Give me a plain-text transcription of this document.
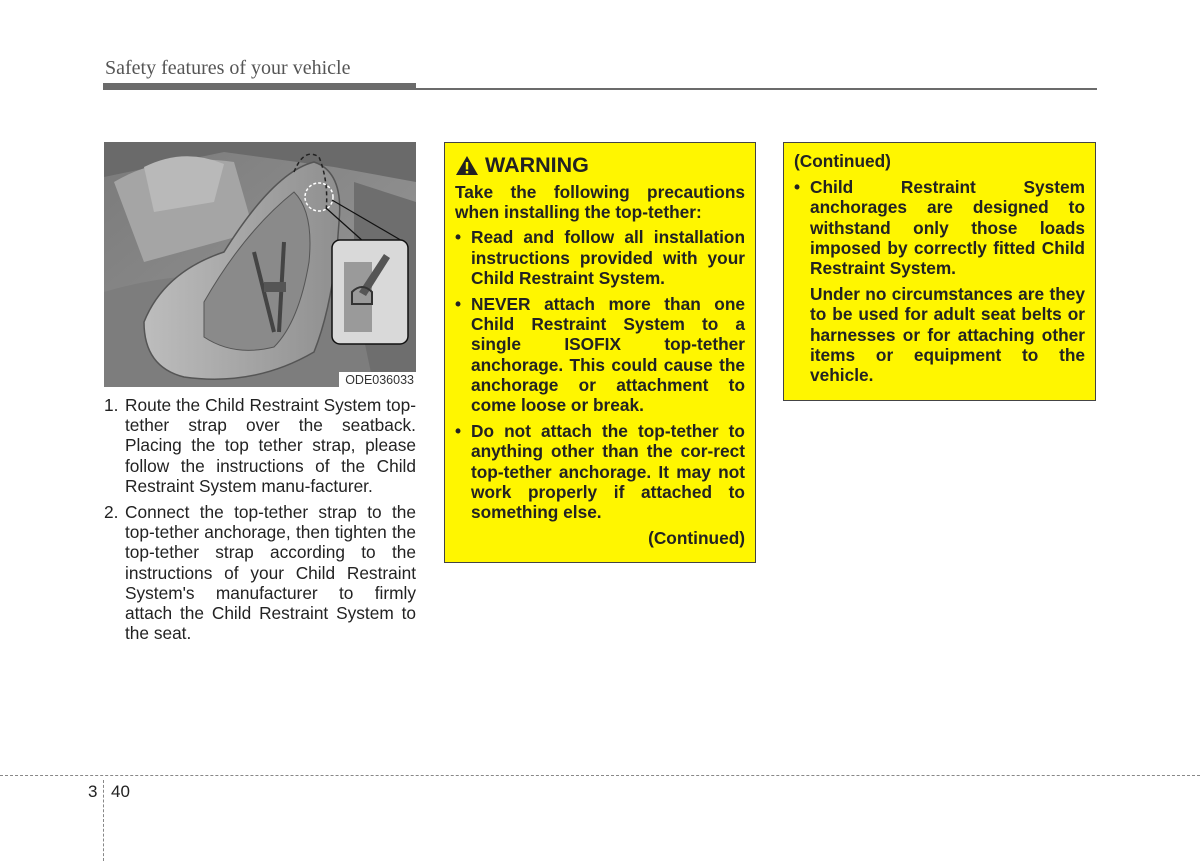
Safety features of your vehicle
ODE036033
1. Route the Child Restraint System top-tether strap over the seatback. Placing the top tether strap, please follow the instructions of the Child Restraint System manu-facturer.
2. Connect the top-tether strap to the top-tether anchorage, then tighten the top-tether strap according to the instructions of your Child Restraint System's manufacturer to firmly attach the Child Restraint System to the seat.
WARNING
Take the following precautions when installing the top-tether:
• Read and follow all installation instructions provided with your Child Restraint System.
• NEVER attach more than one Child Restraint System to a single ISOFIX top-tether anchorage. This could cause the anchorage or attachment to come loose or break.
• Do not attach the top-tether to anything other than the cor-rect top-tether anchorage. It may not work properly if attached to something else.
(Continued)
(Continued)
• Child Restraint System anchorages are designed to withstand only those loads imposed by correctly fitted Child Restraint System.
Under no circumstances are they to be used for adult seat belts or harnesses or for attaching other items or equipment to the vehicle.
3 40
